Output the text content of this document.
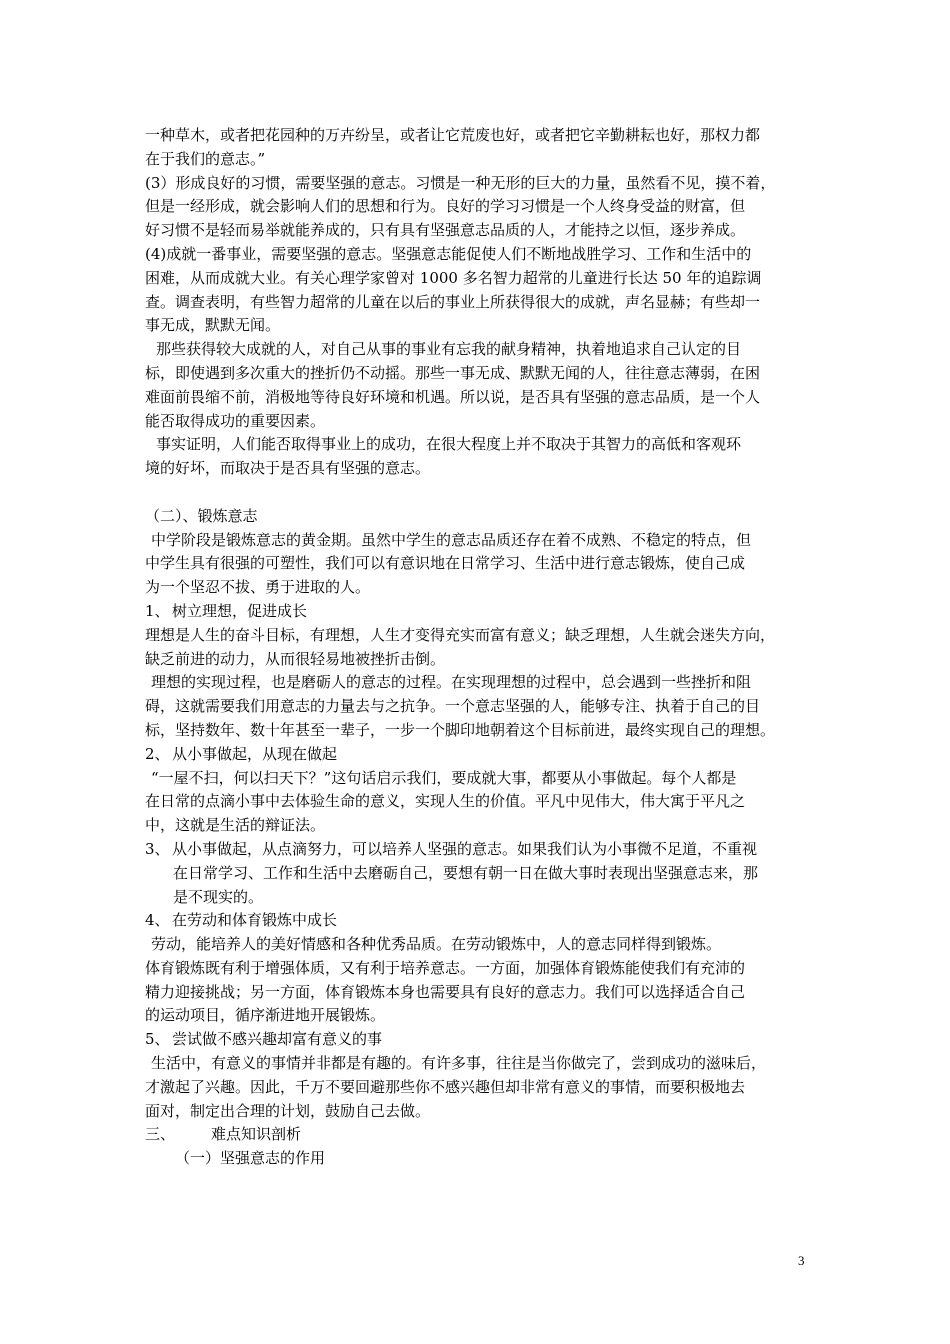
一种草木，或者把花园种的万卉纷呈，或者让它荒废也好，或者把它辛勤耕耘也好，那权力都
在于我们的意志。”
(3）形成良好的习惯，需要坚强的意志。习惯是一种无形的巨大的力量，虽然看不见，摸不着，
但是一经形成，就会影响人们的思想和行为。良好的学习习惯是一个人终身受益的财富，但
好习惯不是轻而易举就能养成的，只有具有坚强意志品质的人，才能持之以恒，逐步养成。
(4)成就一番事业，需要坚强的意志。坚强意志能促使人们不断地战胜学习、工作和生活中的
困难，从而成就大业。有关心理学家曾对 1000 多名智力超常的儿童进行长达 50 年的追踪调
查。调查表明，有些智力超常的儿童在以后的事业上所获得很大的成就，声名显赫；有些却一
事无成，默默无闻。
那些获得较大成就的人，对自己从事的事业有忘我的献身精神，执着地追求自己认定的目
标，即使遇到多次重大的挫折仍不动摇。那些一事无成、默默无闻的人，往往意志薄弱，在困
难面前畏缩不前，消极地等待良好环境和机遇。所以说，是否具有坚强的意志品质，是一个人
能否取得成功的重要因素。
事实证明，人们能否取得事业上的成功，在很大程度上并不取决于其智力的高低和客观环
境的好坏，而取决于是否具有坚强的意志。
（二）、锻炼意志
中学阶段是锻炼意志的黄金期。虽然中学生的意志品质还存在着不成熟、不稳定的特点，但
中学生具有很强的可塑性，我们可以有意识地在日常学习、生活中进行意志锻炼，使自己成
为一个坚忍不拔、勇于进取的人。
1、 树立理想，促进成长
理想是人生的奋斗目标，有理想，人生才变得充实而富有意义；缺乏理想，人生就会迷失方向，
缺乏前进的动力，从而很轻易地被挫折击倒。
理想的实现过程，也是磨砺人的意志的过程。在实现理想的过程中，总会遇到一些挫折和阻
碍，这就需要我们用意志的力量去与之抗争。一个意志坚强的人，能够专注、执着于自己的目
标，坚持数年、数十年甚至一辈子，一步一个脚印地朝着这个目标前进，最终实现自己的理想。
2、 从小事做起，从现在做起
“一屋不扫，何以扫天下？”这句话启示我们，要成就大事，都要从小事做起。每个人都是
在日常的点滴小事中去体验生命的意义，实现人生的价值。平凡中见伟大，伟大寓于平凡之
中，这就是生活的辩证法。
3、 从小事做起，从点滴努力，可以培养人坚强的意志。如果我们认为小事微不足道，不重视
在日常学习、工作和生活中去磨砺自己，要想有朝一日在做大事时表现出坚强意志来，那
是不现实的。
4、 在劳动和体育锻炼中成长
劳动，能培养人的美好情感和各种优秀品质。在劳动锻炼中，人的意志同样得到锻炼。
体育锻炼既有利于增强体质，又有利于培养意志。一方面，加强体育锻炼能使我们有充沛的
精力迎接挑战；另一方面，体育锻炼本身也需要具有良好的意志力。我们可以选择适合自己
的运动项目，循序渐进地开展锻炼。
5、 尝试做不感兴趣却富有意义的事
生活中，有意义的事情并非都是有趣的。有许多事，往往是当你做完了，尝到成功的滋味后，
才激起了兴趣。因此，千万不要回避那些你不感兴趣但却非常有意义的事情，而要积极地去
面对，制定出合理的计划，鼓励自己去做。
三、 难点知识剖析
（一）坚强意志的作用
3
